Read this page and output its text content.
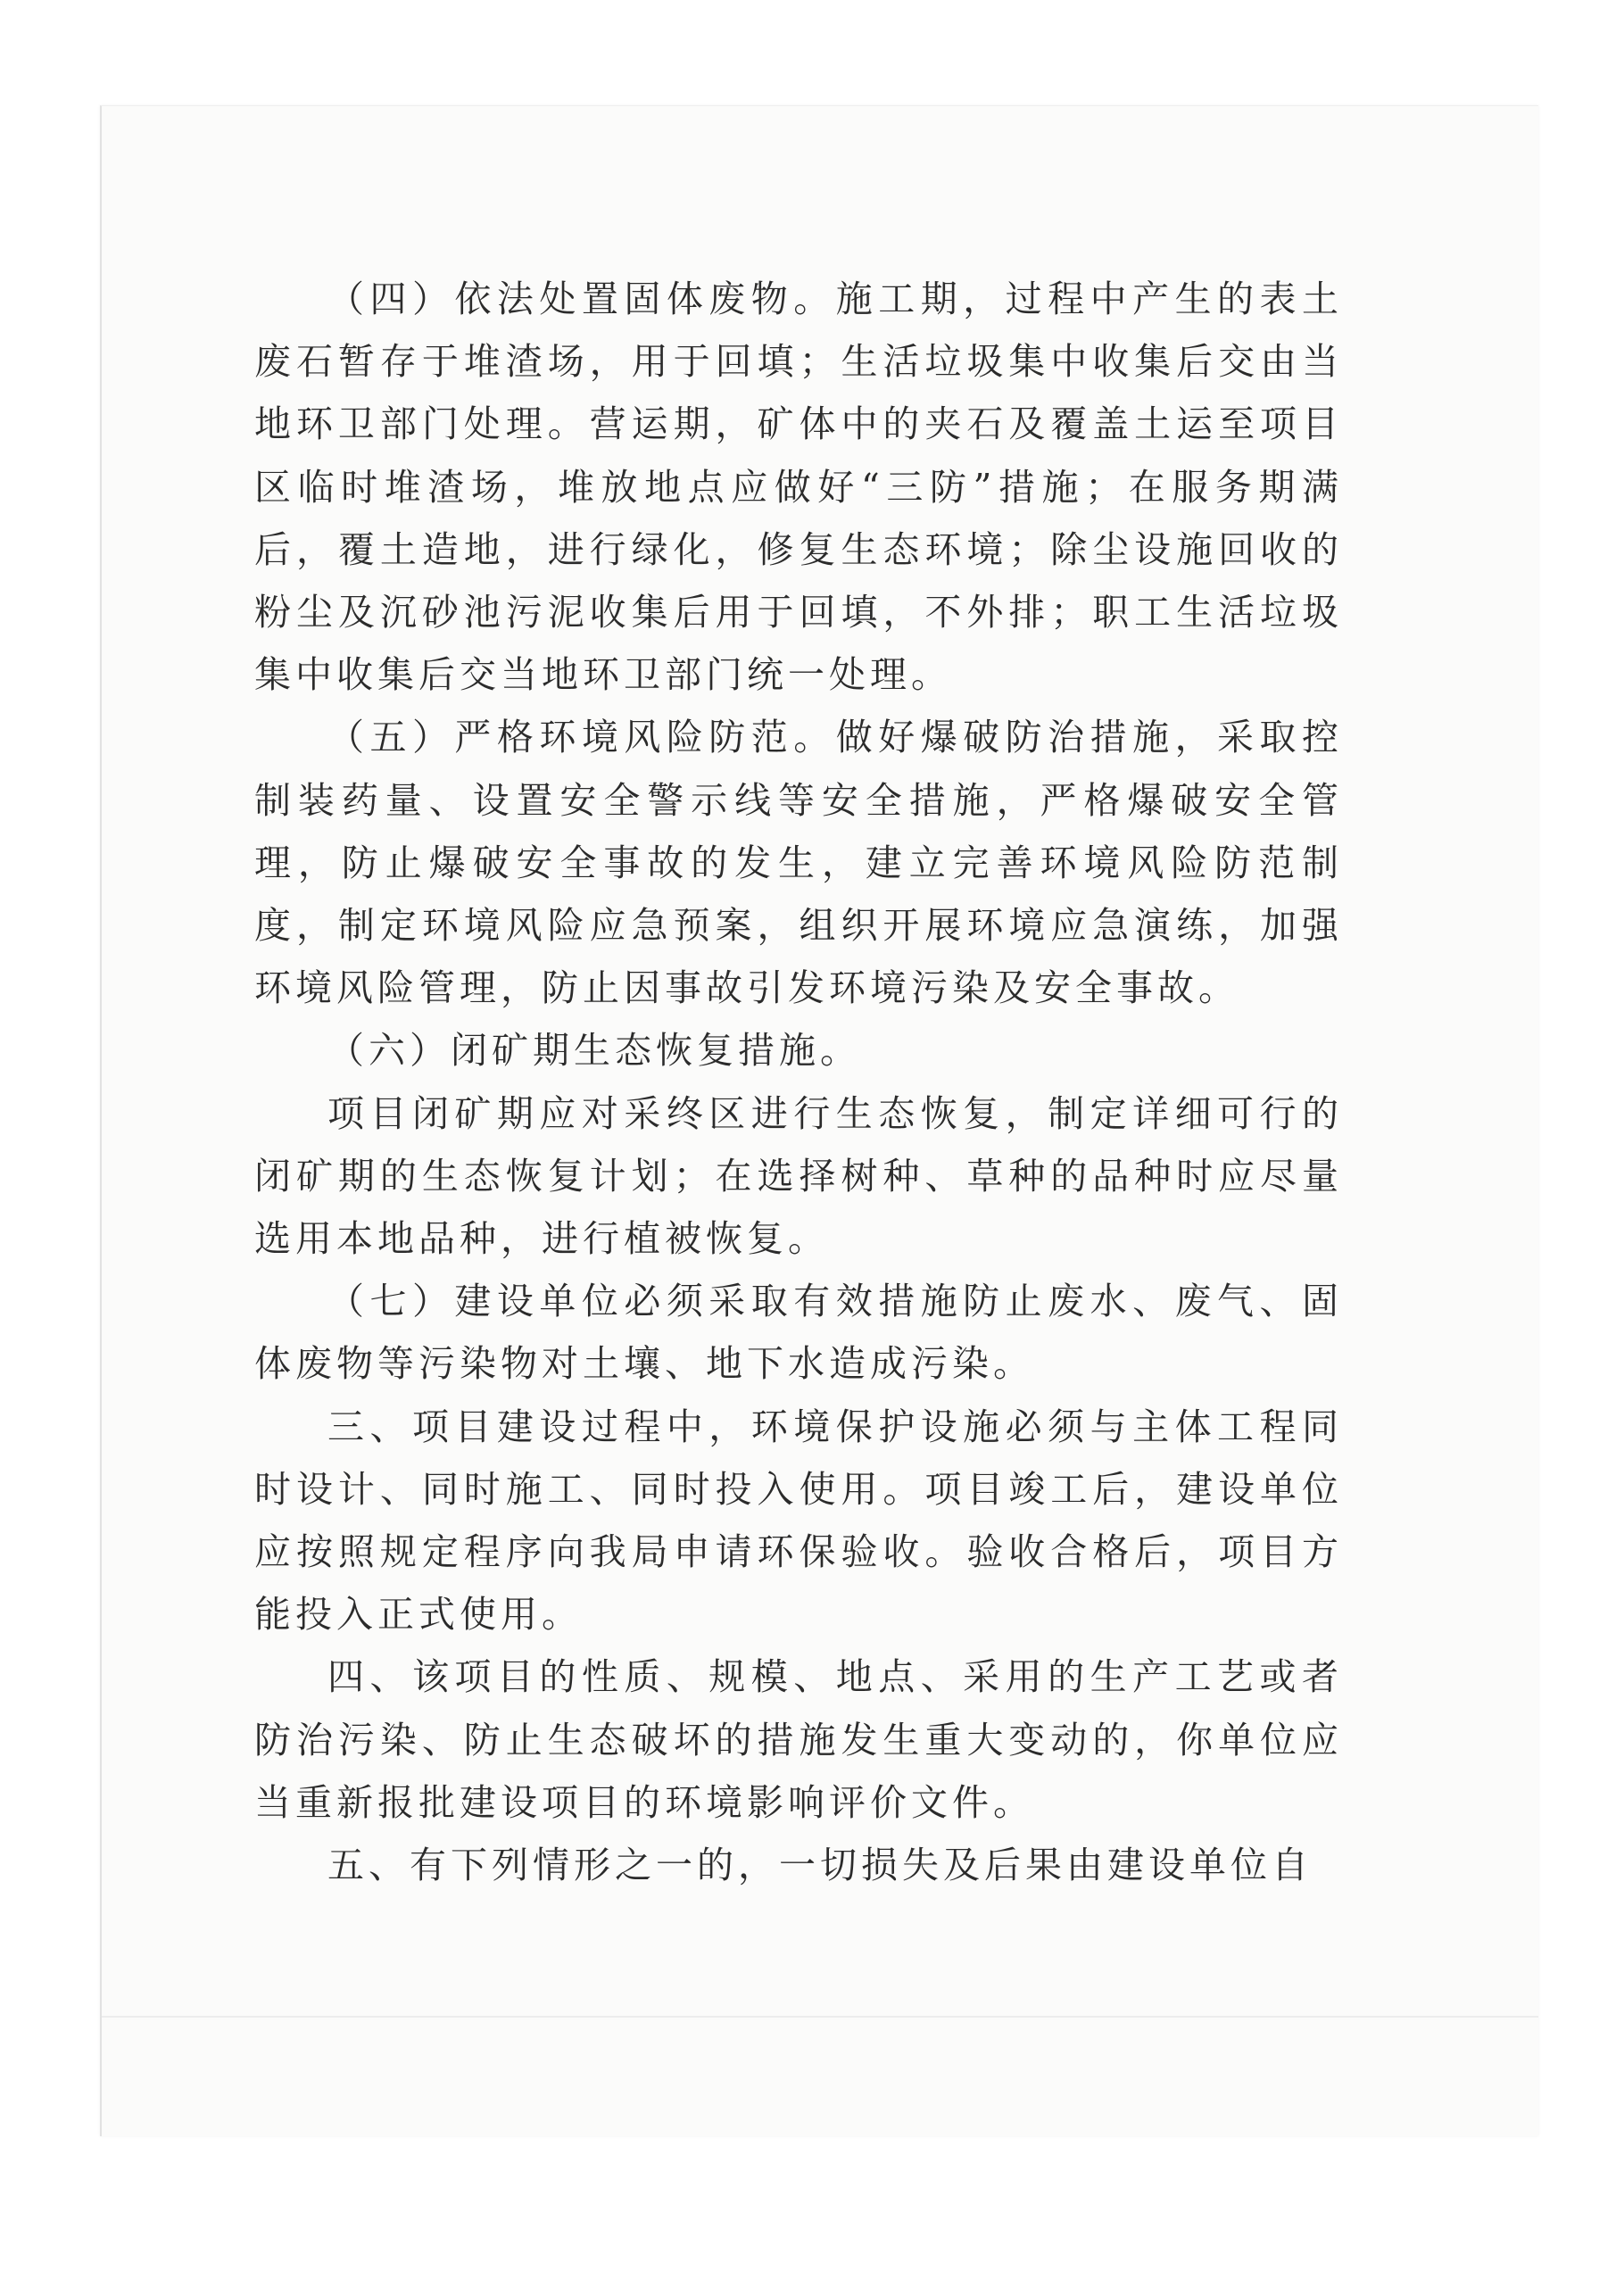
（四）依法处置固体废物。施工期，过程中产生的表土废石暂存于堆渣场，用于回填；生活垃圾集中收集后交由当地环卫部门处理。营运期，矿体中的夹石及覆盖土运至项目区临时堆渣场，堆放地点应做好“三防”措施；在服务期满后，覆土造地，进行绿化，修复生态环境；除尘设施回收的粉尘及沉砂池污泥收集后用于回填，不外排；职工生活垃圾集中收集后交当地环卫部门统一处理。

（五）严格环境风险防范。做好爆破防治措施，采取控制装药量、设置安全警示线等安全措施，严格爆破安全管理，防止爆破安全事故的发生，建立完善环境风险防范制度，制定环境风险应急预案，组织开展环境应急演练，加强环境风险管理，防止因事故引发环境污染及安全事故。

（六）闭矿期生态恢复措施。

项目闭矿期应对采终区进行生态恢复，制定详细可行的闭矿期的生态恢复计划；在选择树种、草种的品种时应尽量选用本地品种，进行植被恢复。

（七）建设单位必须采取有效措施防止废水、废气、固体废物等污染物对土壤、地下水造成污染。

三、项目建设过程中，环境保护设施必须与主体工程同时设计、同时施工、同时投入使用。项目竣工后，建设单位应按照规定程序向我局申请环保验收。验收合格后，项目方能投入正式使用。

四、该项目的性质、规模、地点、采用的生产工艺或者防治污染、防止生态破坏的措施发生重大变动的，你单位应当重新报批建设项目的环境影响评价文件。

五、有下列情形之一的，一切损失及后果由建设单位自
